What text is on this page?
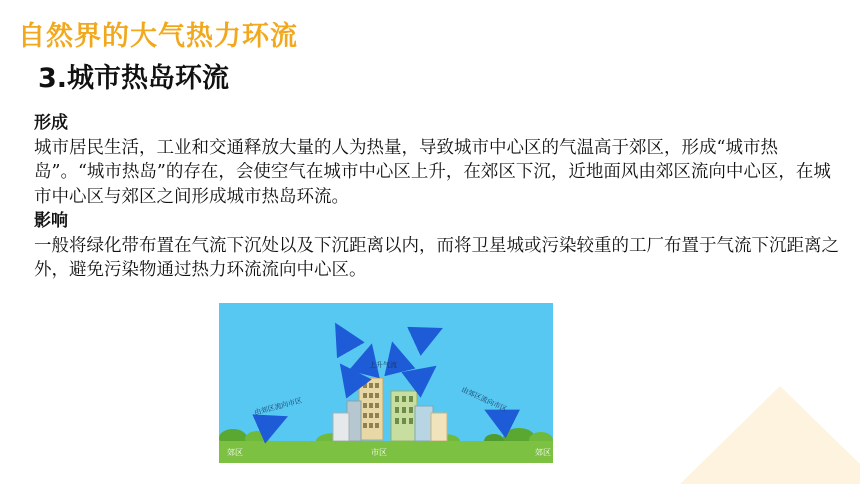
自然界的大气热力环流
3.城市热岛环流

形成

城市居民生活，工业和交通释放大量的人为热量，导致城市中心区的气温高于郊区，形成“城市热岛”。“城市热岛”的存在，会使空气在城市中心区上升，在郊区下沉，近地面风由郊区流向中心区，在城市中心区与郊区之间形成城市热岛环流。

影响

一般将绿化带布置在气流下沉处以及下沉距离以内，而将卫星城或污染较重的工厂布置于气流下沉距离之外，避免污染物通过热力环流流向中心区。

上升气流
由郊区流向市区	由郊区流向市区
郊区	市区	郊区
